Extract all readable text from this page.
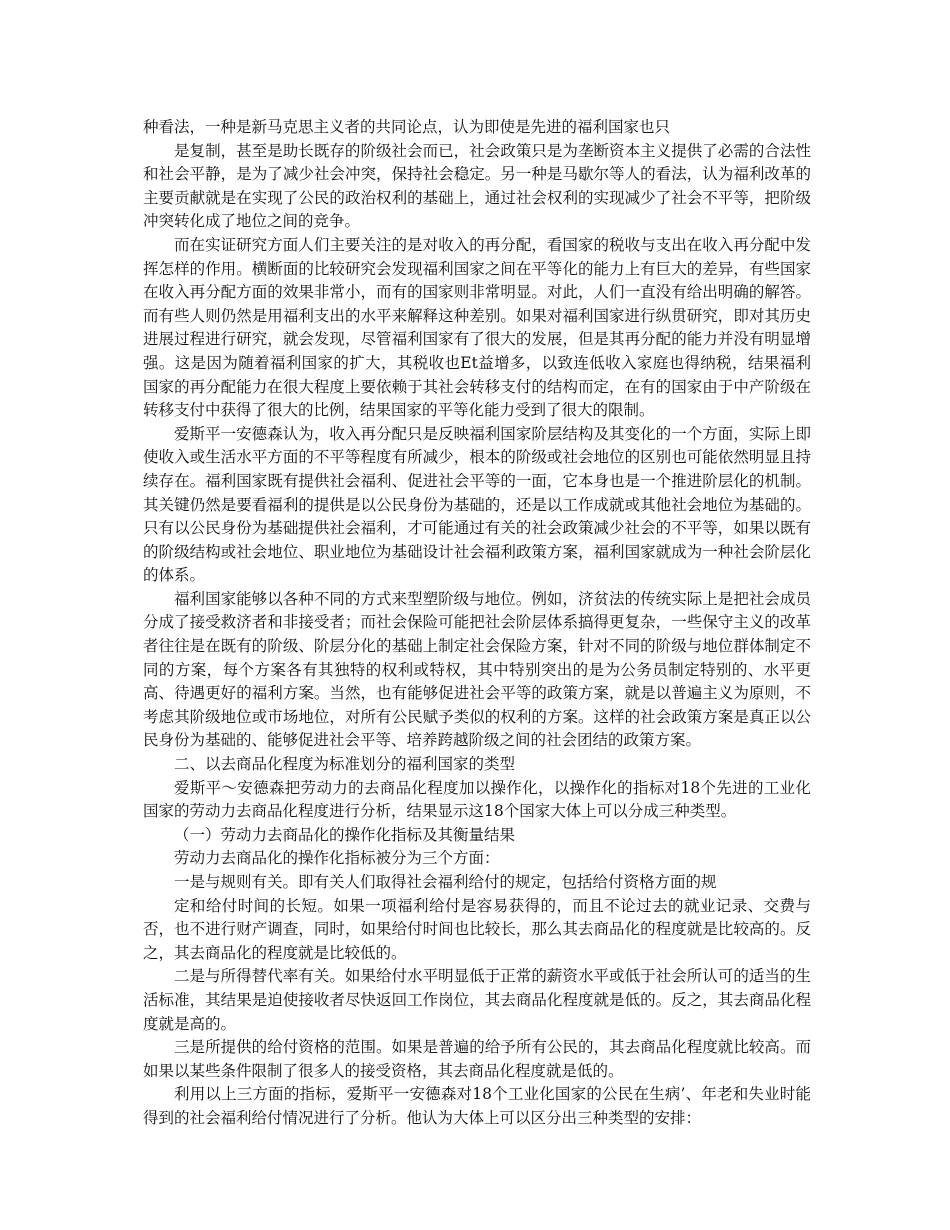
种看法，一种是新马克思主义者的共同论点，认为即使是先进的福利国家也只

是复制，甚至是助长既存的阶级社会而已，社会政策只是为垄断资本主义提供了必需的合法性和社会平静，是为了减少社会冲突，保持社会稳定。另一种是马歇尔等人的看法，认为福利改革的主要贡献就是在实现了公民的政治权利的基础上，通过社会权利的实现减少了社会不平等，把阶级冲突转化成了地位之间的竞争。

而在实证研究方面人们主要关注的是对收入的再分配，看国家的税收与支出在收入再分配中发挥怎样的作用。横断面的比较研究会发现福利国家之间在平等化的能力上有巨大的差异，有些国家在收入再分配方面的效果非常小，而有的国家则非常明显。对此，人们一直没有给出明确的解答。而有些人则仍然是用福利支出的水平来解释这种差别。如果对福利国家进行纵贯研究，即对其历史进展过程进行研究，就会发现，尽管福利国家有了很大的发展，但是其再分配的能力并没有明显增强。这是因为随着福利国家的扩大，其税收也Et益增多，以致连低收入家庭也得纳税，结果福利国家的再分配能力在很大程度上要依赖于其社会转移支付的结构而定，在有的国家由于中产阶级在转移支付中获得了很大的比例，结果国家的平等化能力受到了很大的限制。

爱斯平一安德森认为，收入再分配只是反映福利国家阶层结构及其变化的一个方面，实际上即使收入或生活水平方面的不平等程度有所减少，根本的阶级或社会地位的区别也可能依然明显且持续存在。福利国家既有提供社会福利、促进社会平等的一面，它本身也是一个推进阶层化的机制。其关键仍然是要看福利的提供是以公民身份为基础的，还是以工作成就或其他社会地位为基础的。只有以公民身份为基础提供社会福利，才可能通过有关的社会政策减少社会的不平等，如果以既有的阶级结构或社会地位、职业地位为基础设计社会福利政策方案，福利国家就成为一种社会阶层化的体系。

福利国家能够以各种不同的方式来型塑阶级与地位。例如，济贫法的传统实际上是把社会成员分成了接受救济者和非接受者；而社会保险可能把社会阶层体系搞得更复杂，一些保守主义的改革者往往是在既有的阶级、阶层分化的基础上制定社会保险方案，针对不同的阶级与地位群体制定不同的方案，每个方案各有其独特的权利或特权，其中特别突出的是为公务员制定特别的、水平更高、待遇更好的福利方案。当然，也有能够促进社会平等的政策方案，就是以普遍主义为原则，不考虑其阶级地位或市场地位，对所有公民赋予类似的权利的方案。这样的社会政策方案是真正以公民身份为基础的、能够促进社会平等、培养跨越阶级之间的社会团结的政策方案。

二、以去商品化程度为标准划分的福利国家的类型

爱斯平～安德森把劳动力的去商品化程度加以操作化，以操作化的指标对18个先进的工业化国家的劳动力去商品化程度进行分析，结果显示这18个国家大体上可以分成三种类型。

（一）劳动力去商品化的操作化指标及其衡量结果

劳动力去商品化的操作化指标被分为三个方面：

一是与规则有关。即有关人们取得社会福利给付的规定，包括给付资格方面的规

定和给付时间的长短。如果一项福利给付是容易获得的，而且不论过去的就业记录、交费与否，也不进行财产调查，同时，如果给付时间也比较长，那么其去商品化的程度就是比较高的。反之，其去商品化的程度就是比较低的。

二是与所得替代率有关。如果给付水平明显低于正常的薪资水平或低于社会所认可的适当的生活标准，其结果是迫使接收者尽快返回工作岗位，其去商品化程度就是低的。反之，其去商品化程度就是高的。

三是所提供的给付资格的范围。如果是普遍的给予所有公民的，其去商品化程度就比较高。而如果以某些条件限制了很多人的接受资格，其去商品化程度就是低的。

利用以上三方面的指标，爱斯平一安德森对18个工业化国家的公民在生病’、年老和失业时能得到的社会福利给付情况进行了分析。他认为大体上可以区分出三种类型的安排：
